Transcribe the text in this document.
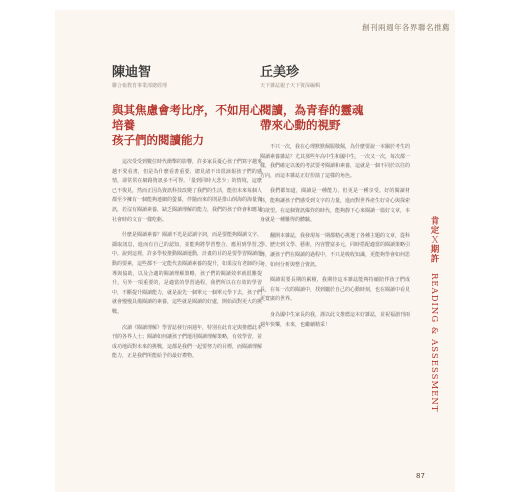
創刊兩週年各界聯名推薦
陳迪智
聯合報教育事業部總經理
與其焦慮會考比序，不如用心培養
孩子們的閱讀能力

這次受受到數位時代衝擊的影響，許多家長憂心孩子們寫字越來越不愛看書，但是為什麼看書重要，總見諸不出很該報孩子們的感情，卻常常在網路資訊多不可得。「量到同時大悲少」的情境，這麼已不復見，然而正因為資訊科技改變了我們的生活，能但未來每個人都至少擁有一個能夠連網的螢幕，伴隨而來的則是排山倒海的海量資訊，若沒有閱讀素養，缺乏閱讀理解的能力，我們的孩子終會和應某社會時的文盲一樣吃虧。

什麼是閱讀素養？閱讀不光是認讀字詞，而是要能夠閱讀文字、擷取訊息，進而有自己的認知，並能夠將學習整合、應用到學習之中。說到這裡，許多學校推動閱讀運動，計畫的目的是要學習閱讀運動的要素，這些都不一定能代表閱讀素養的提升，如果沒有老師的引導與協助，以及合適的閱讀理解策略，孩子們的閱讀效率就很難提升。另外一項重要的，是適當的學習過程，我們所以在有效的學習中，不斷提升閱讀能力，就是說先一個單元一個單元學下去，孩子們就會慢慢具備閱讀的素養，這些就是閱讀的好處，開始面對更大的挑戰。

次讀《閱讀理解》學習誌發行兩週年，特別在此肯定與推薦此本刊的各界人士；閱讀如何讓孩子們運用閱讀理解策略，有效學習，並成功地面對未來的挑戰，這都是我們一起要努力的目標，而閱讀理解能力，正是我們所能給予的最好禮物。

丘美珍
天下雜誌親子天下資深編輯
閱讀，為青春的靈魂
帶來心動的視野

不只一次，我在心理默默佩服敬佩，為什麼要說一本關於考生的閱讀素養雜誌？尤其那些年高中生和國中生，一次又一次，每次都一樣，我們確定以後的考試要考閱讀和素養，這就是一個不同於以往的方向，而這本雜誌正好扮演了這樣的角色。

我們都知道，閱讀是一種能力，但更是一種享受。好的閱讀材料，能夠讓孩子們感受到文字的力量，進而對世界產生好奇心與探索的欲望。在這個資訊爆炸的時代，能夠靜下心來閱讀一篇好文章，本身就是一種難得的體驗。

翻開本雜誌，我發現每一期都精心挑選了各種主題的文章，從科學、歷史到文學、藝術，內容豐富多元，同時搭配適當的閱讀策略引導，讓孩子們在閱讀的過程中，不只是吸收知識，更能夠學會如何思考、如何分析與整合資訊。

閱讀需要長期的累積，我期待這本雜誌能夠持續陪伴孩子們成長，在每一次的閱讀中，找到屬於自己的心動時刻，也在閱讀中看見更寬廣的世界。

身為國中生家長的我，謹以此文推薦這本好雜誌，並祝福創刊兩週年快樂，未來，也繼續精采！

肯定Ｘ期許 READING & ASSESSMENT
87
